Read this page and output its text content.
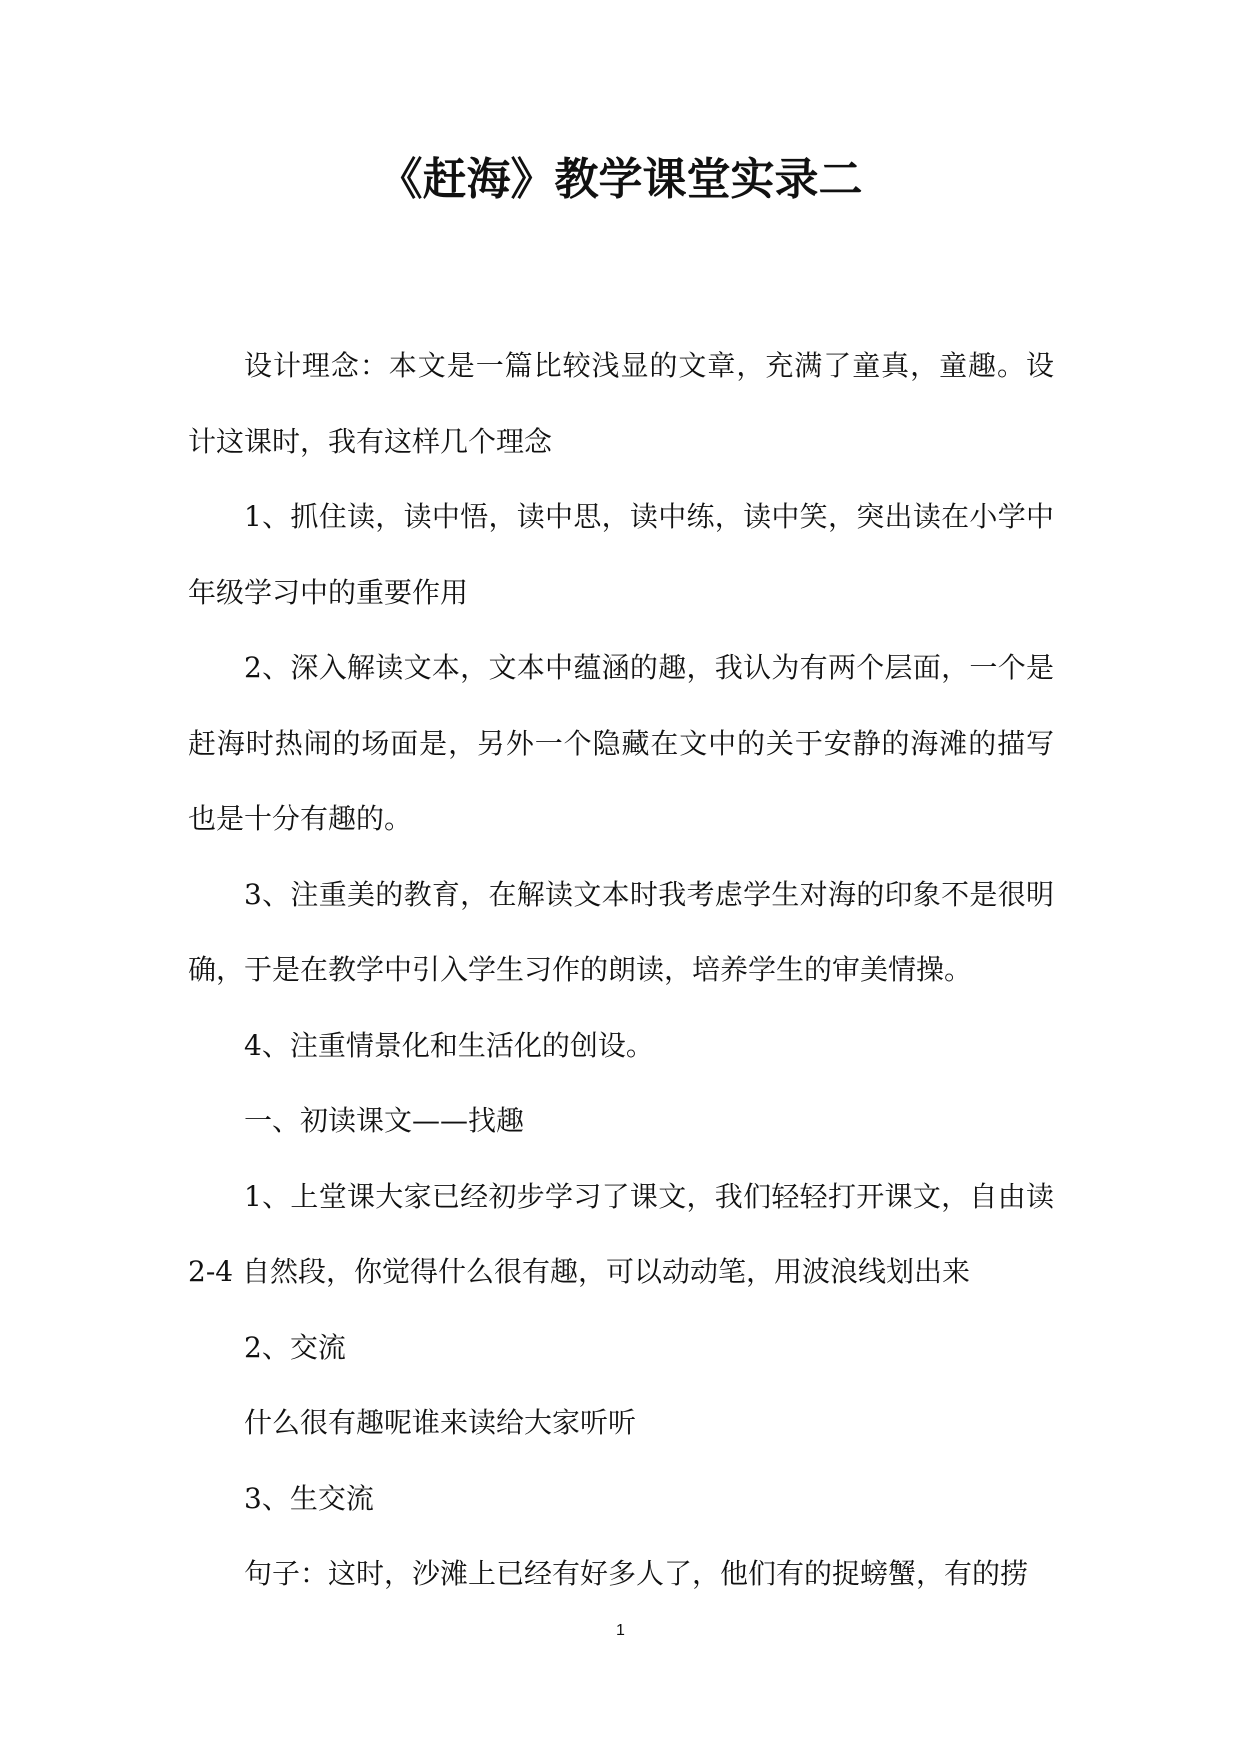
《赶海》教学课堂实录二

设计理念：本文是一篇比较浅显的文章，充满了童真，童趣。设计这课时，我有这样几个理念

1、抓住读，读中悟，读中思，读中练，读中笑，突出读在小学中年级学习中的重要作用

2、深入解读文本，文本中蕴涵的趣，我认为有两个层面，一个是赶海时热闹的场面是，另外一个隐藏在文中的关于安静的海滩的描写也是十分有趣的。

3、注重美的教育，在解读文本时我考虑学生对海的印象不是很明确，于是在教学中引入学生习作的朗读，培养学生的审美情操。

4、注重情景化和生活化的创设。

一、初读课文——找趣

1、上堂课大家已经初步学习了课文，我们轻轻打开课文，自由读 2-4 自然段，你觉得什么很有趣，可以动动笔，用波浪线划出来

2、交流

什么很有趣呢谁来读给大家听听

3、生交流

句子：这时，沙滩上已经有好多人了，他们有的捉螃蟹，有的捞

1
